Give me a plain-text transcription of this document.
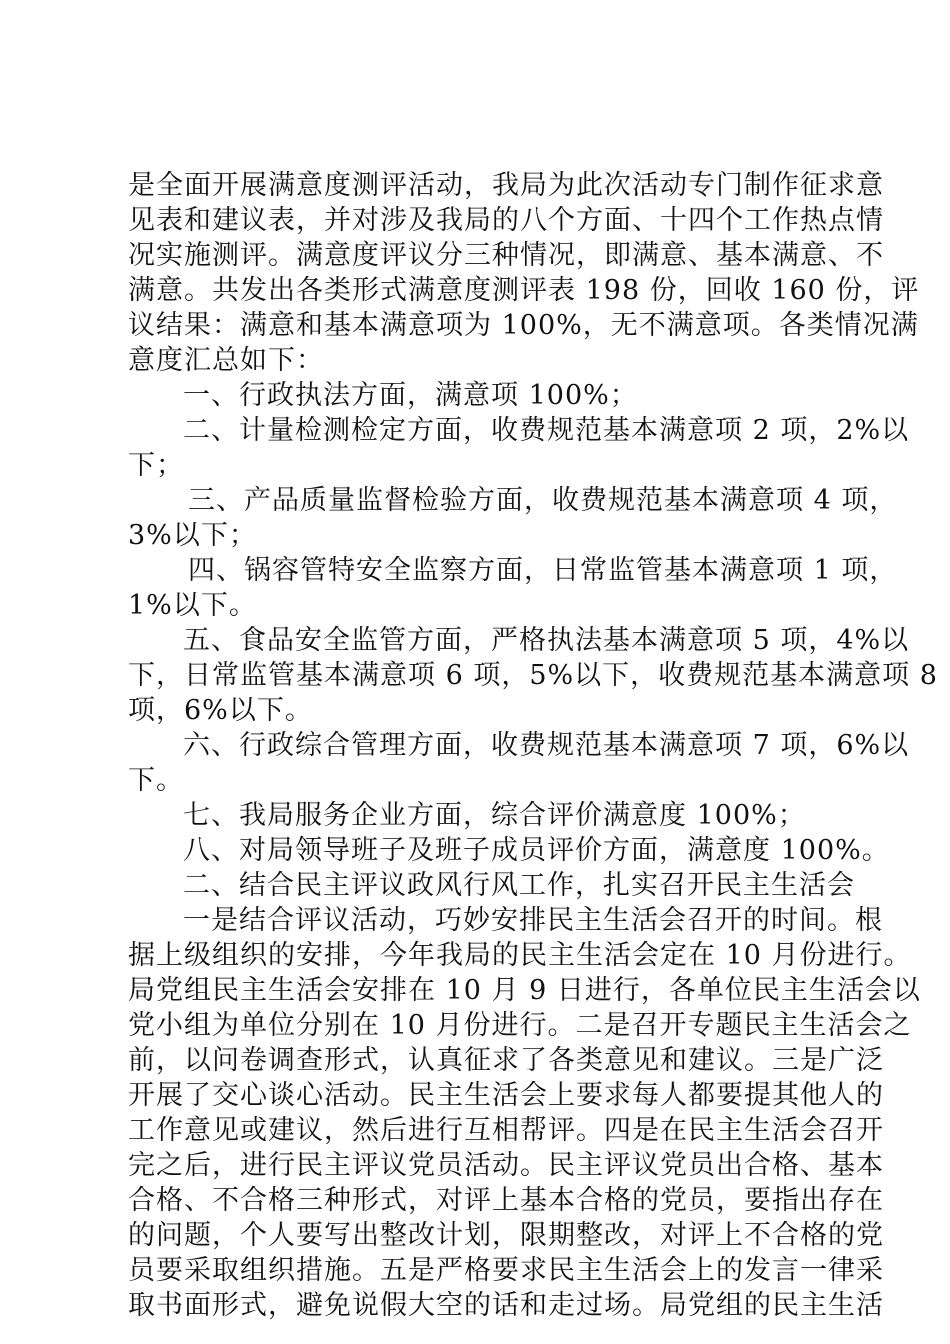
是全面开展满意度测评活动，我局为此次活动专门制作征求意
见表和建议表，并对涉及我局的八个方面、十四个工作热点情
况实施测评。满意度评议分三种情况，即满意、基本满意、不
满意。共发出各类形式满意度测评表 198 份，回收 160 份，评
议结果：满意和基本满意项为 100%，无不满意项。各类情况满
意度汇总如下：
一、行政执法方面，满意项 100%；
二、计量检测检定方面，收费规范基本满意项 2 项，2%以
下；
三、产品质量监督检验方面，收费规范基本满意项 4 项，
3%以下；
四、锅容管特安全监察方面，日常监管基本满意项 1 项，
1%以下。
五、食品安全监管方面，严格执法基本满意项 5 项，4%以
下，日常监管基本满意项 6 项，5%以下，收费规范基本满意项 8
项，6%以下。
六、行政综合管理方面，收费规范基本满意项 7 项，6%以
下。
七、我局服务企业方面，综合评价满意度 100%；
八、对局领导班子及班子成员评价方面，满意度 100%。
二、结合民主评议政风行风工作，扎实召开民主生活会
一是结合评议活动，巧妙安排民主生活会召开的时间。根
据上级组织的安排，今年我局的民主生活会定在 10 月份进行。
局党组民主生活会安排在 10 月 9 日进行，各单位民主生活会以
党小组为单位分别在 10 月份进行。二是召开专题民主生活会之
前，以问卷调查形式，认真征求了各类意见和建议。三是广泛
开展了交心谈心活动。民主生活会上要求每人都要提其他人的
工作意见或建议，然后进行互相帮评。四是在民主生活会召开
完之后，进行民主评议党员活动。民主评议党员出合格、基本
合格、不合格三种形式，对评上基本合格的党员，要指出存在
的问题，个人要写出整改计划，限期整改，对评上不合格的党
员要采取组织措施。五是严格要求民主生活会上的发言一律采
取书面形式，避免说假大空的话和走过场。局党组的民主生活
